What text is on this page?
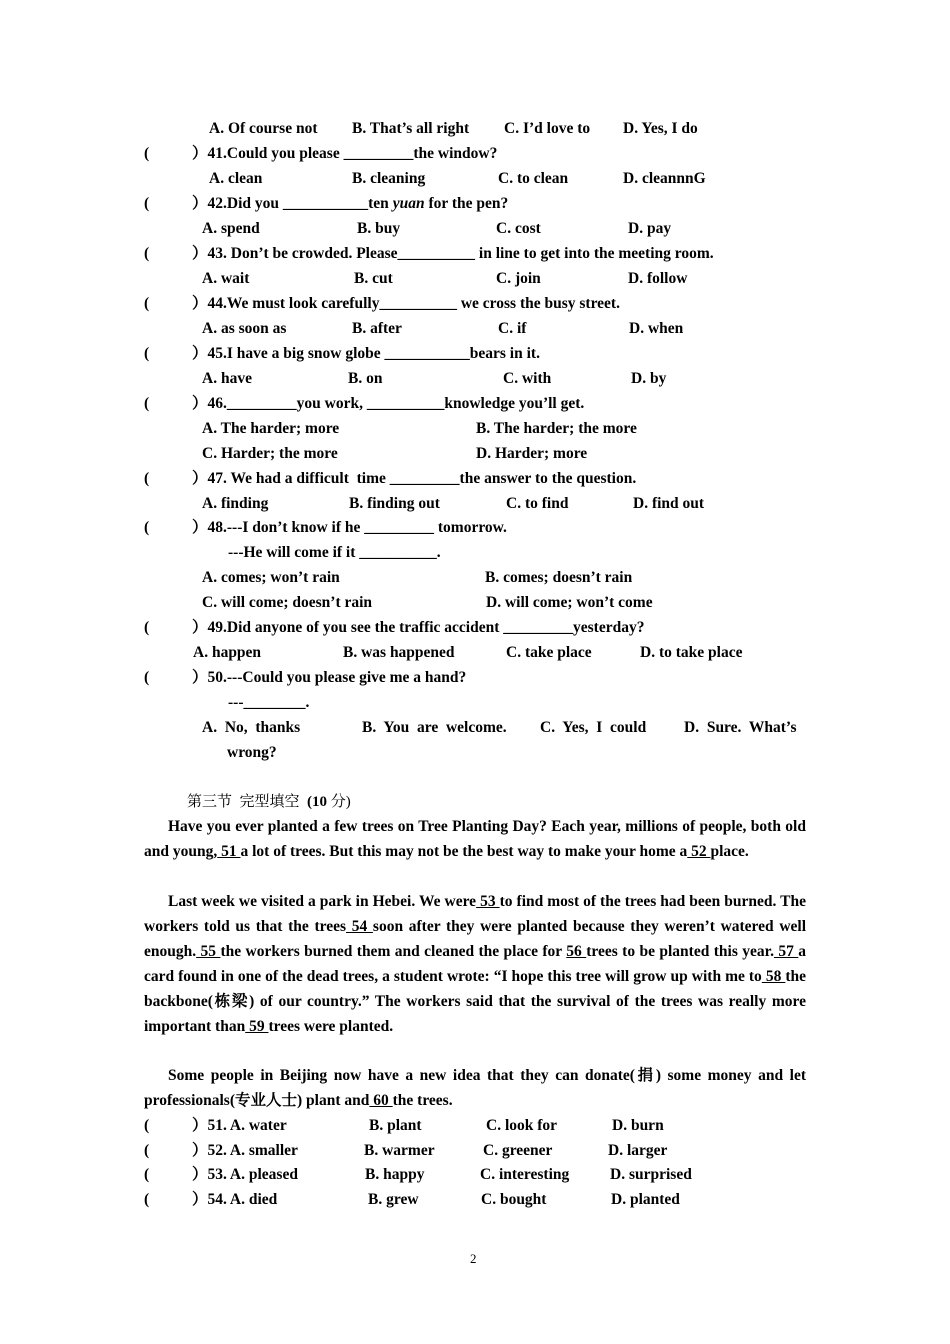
A. Of course not B. That’s all right C. I’d love to D. Yes, I do
(	）41.Could you please _________the window?
A. clean	B. cleaning	C. to clean	D. cleannnG
(	）42.Did you ___________ten yuan for the pen?
A. spend	B. buy	C. cost	D. pay
(	）43. Don’t be crowded. Please__________ in line to get into the meeting room.
A. wait	B. cut	C. join	D. follow
(	）44.We must look carefully__________ we cross the busy street.
A. as soon as	B. after	C. if	D. when
(	）45.I have a big snow globe ___________bears in it.
A. have	B. on	C. with	D. by
(	）46._________you work, __________knowledge you’ll get.
A. The harder; more	B. The harder; the more
C. Harder; the more	D. Harder; more
(	）47. We had a difficult  time _________the answer to the question.
A. finding	B. finding out	C. to find	D. find out
(	）48.---I don’t know if he _________ tomorrow.
---He will come if it __________.
A. comes; won’t rain	B. comes; doesn’t rain
C. will come; doesn’t rain	D. will come; won’t come
(	）49.Did anyone of you see the traffic accident _________yesterday?
A. happen	B. was happened	C. take place	D. to take place
(	）50.---Could you please give me a hand?
---________.
A.  No,  thanks	B.  You  are  welcome. C.  Yes,  I  could D.  Sure.  What’s
wrong?
第三节  完型填空  (10 分)
Have you ever planted a few trees on Tree Planting Day? Each year, millions of people, both old and young, 51 a lot of trees. But this may not be the best way to make your home a 52 place.
Last week we visited a park in Hebei. We were 53 to find most of the trees had been burned. The workers told us that the trees 54 soon after they were planted because they weren’t watered well enough. 55 the workers burned them and cleaned the place for 56 trees to be planted this year. 57 a card found in one of the dead trees, a student wrote: “I hope this tree will grow up with me to 58 the backbone(栋梁) of our country.” The workers said that the survival of the trees was really more important than 59 trees were planted.
Some people in Beijing now have a new idea that they can donate(捐) some money and let professionals(专业人士) plant and 60 the trees.
(	）51. A. water	B. plant	C. look for	D. burn
(	）52. A. smaller	B. warmer	C. greener	D. larger
(	）53. A. pleased	B. happy	C. interesting	D. surprised
(	）54. A. died	B. grew	C. bought	D. planted
2
